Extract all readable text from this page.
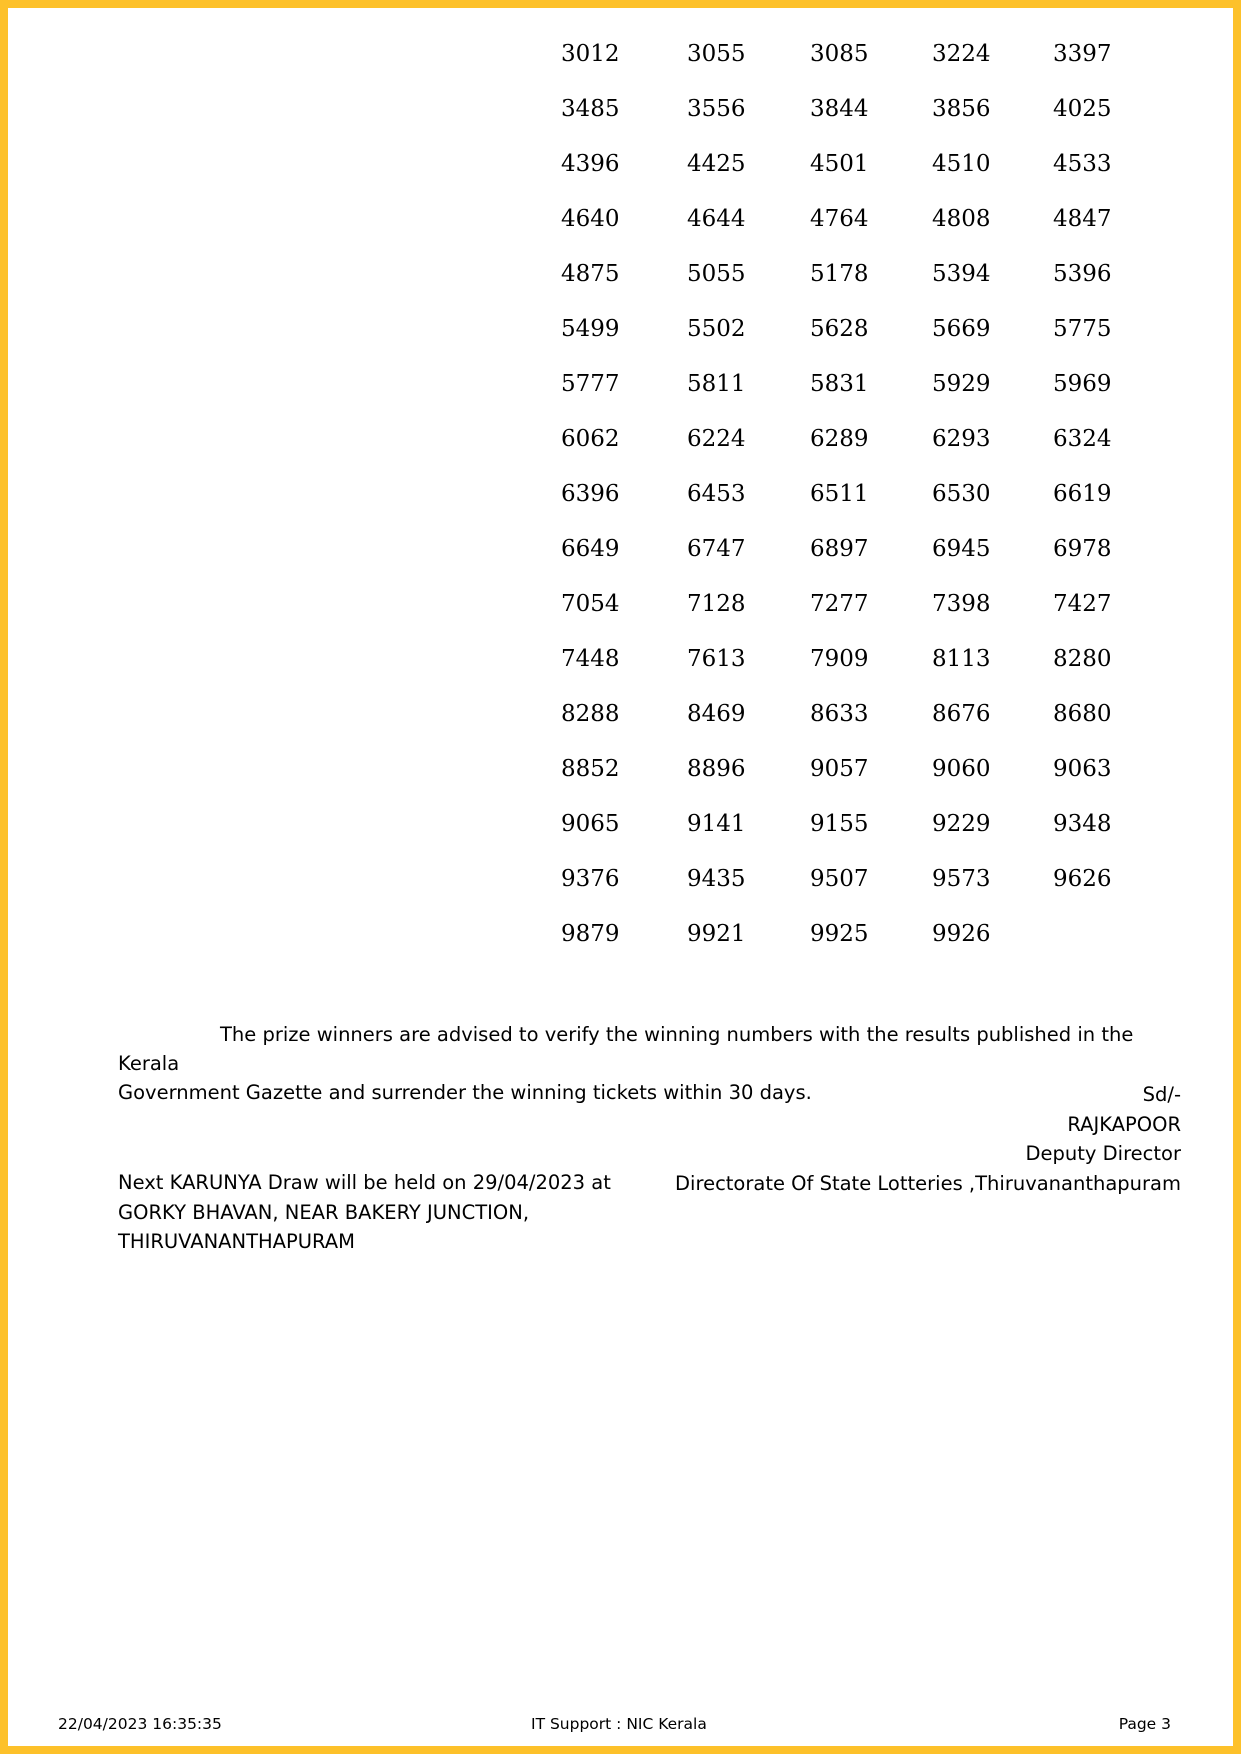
3012	3055	3085	3224	3397
3485	3556	3844	3856	4025
4396	4425	4501	4510	4533
4640	4644	4764	4808	4847
4875	5055	5178	5394	5396
5499	5502	5628	5669	5775
5777	5811	5831	5929	5969
6062	6224	6289	6293	6324
6396	6453	6511	6530	6619
6649	6747	6897	6945	6978
7054	7128	7277	7398	7427
7448	7613	7909	8113	8280
8288	8469	8633	8676	8680
8852	8896	9057	9060	9063
9065	9141	9155	9229	9348
9376	9435	9507	9573	9626
9879	9921	9925	9926
The prize winners are advised to verify the winning numbers with the results published in the Kerala
Government Gazette and surrender the winning tickets within 30 days.	Sd/-
RAJKAPOOR
Deputy Director
Directorate Of State Lotteries ,Thiruvananthapuram
Next KARUNYA Draw will be held on 29/04/2023 at
GORKY BHAVAN, NEAR BAKERY JUNCTION,
THIRUVANANTHAPURAM
22/04/2023 16:35:35	IT Support : NIC Kerala	Page 3
